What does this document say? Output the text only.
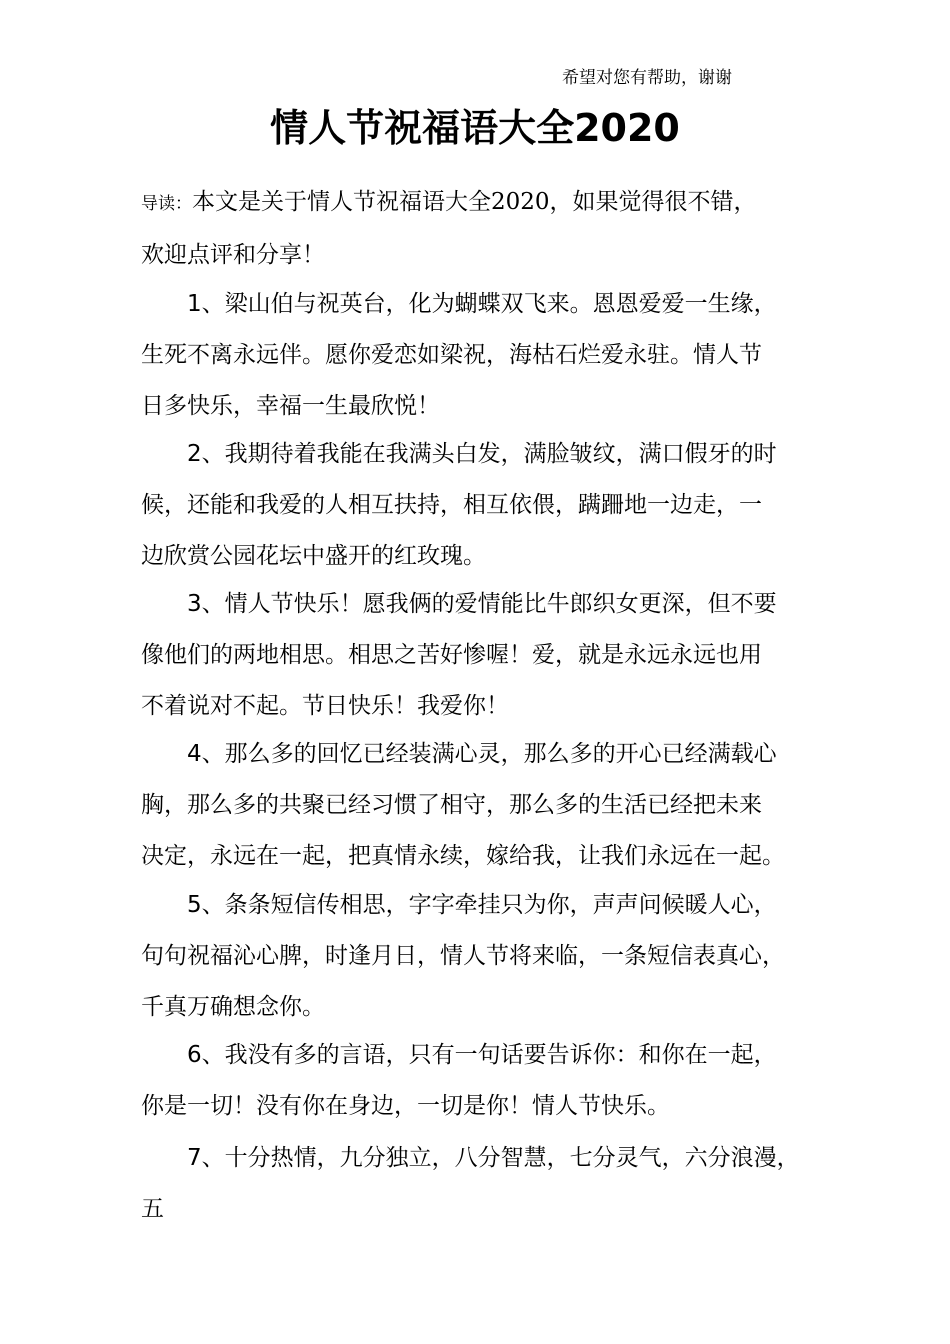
希望对您有帮助，谢谢
情人节祝福语大全2020
导读：本文是关于情人节祝福语大全2020，如果觉得很不错，
欢迎点评和分享！
1、梁山伯与祝英台，化为蝴蝶双飞来。恩恩爱爱一生缘，
生死不离永远伴。愿你爱恋如梁祝，海枯石烂爱永驻。情人节
日多快乐，幸福一生最欣悦！
2、我期待着我能在我满头白发，满脸皱纹，满口假牙的时
候，还能和我爱的人相互扶持，相互依偎，蹒跚地一边走，一
边欣赏公园花坛中盛开的红玫瑰。
3、情人节快乐！愿我俩的爱情能比牛郎织女更深，但不要
像他们的两地相思。相思之苦好惨喔！爱，就是永远永远也用
不着说对不起。节日快乐！我爱你！
4、那么多的回忆已经装满心灵，那么多的开心已经满载心
胸，那么多的共聚已经习惯了相守，那么多的生活已经把未来
决定，永远在一起，把真情永续，嫁给我，让我们永远在一起。
5、条条短信传相思，字字牵挂只为你，声声问候暖人心，
句句祝福沁心脾，时逢月日，情人节将来临，一条短信表真心，
千真万确想念你。
6、我没有多的言语，只有一句话要告诉你：和你在一起，
你是一切！没有你在身边，一切是你！情人节快乐。
7、十分热情，九分独立，八分智慧，七分灵气，六分浪漫，
五
